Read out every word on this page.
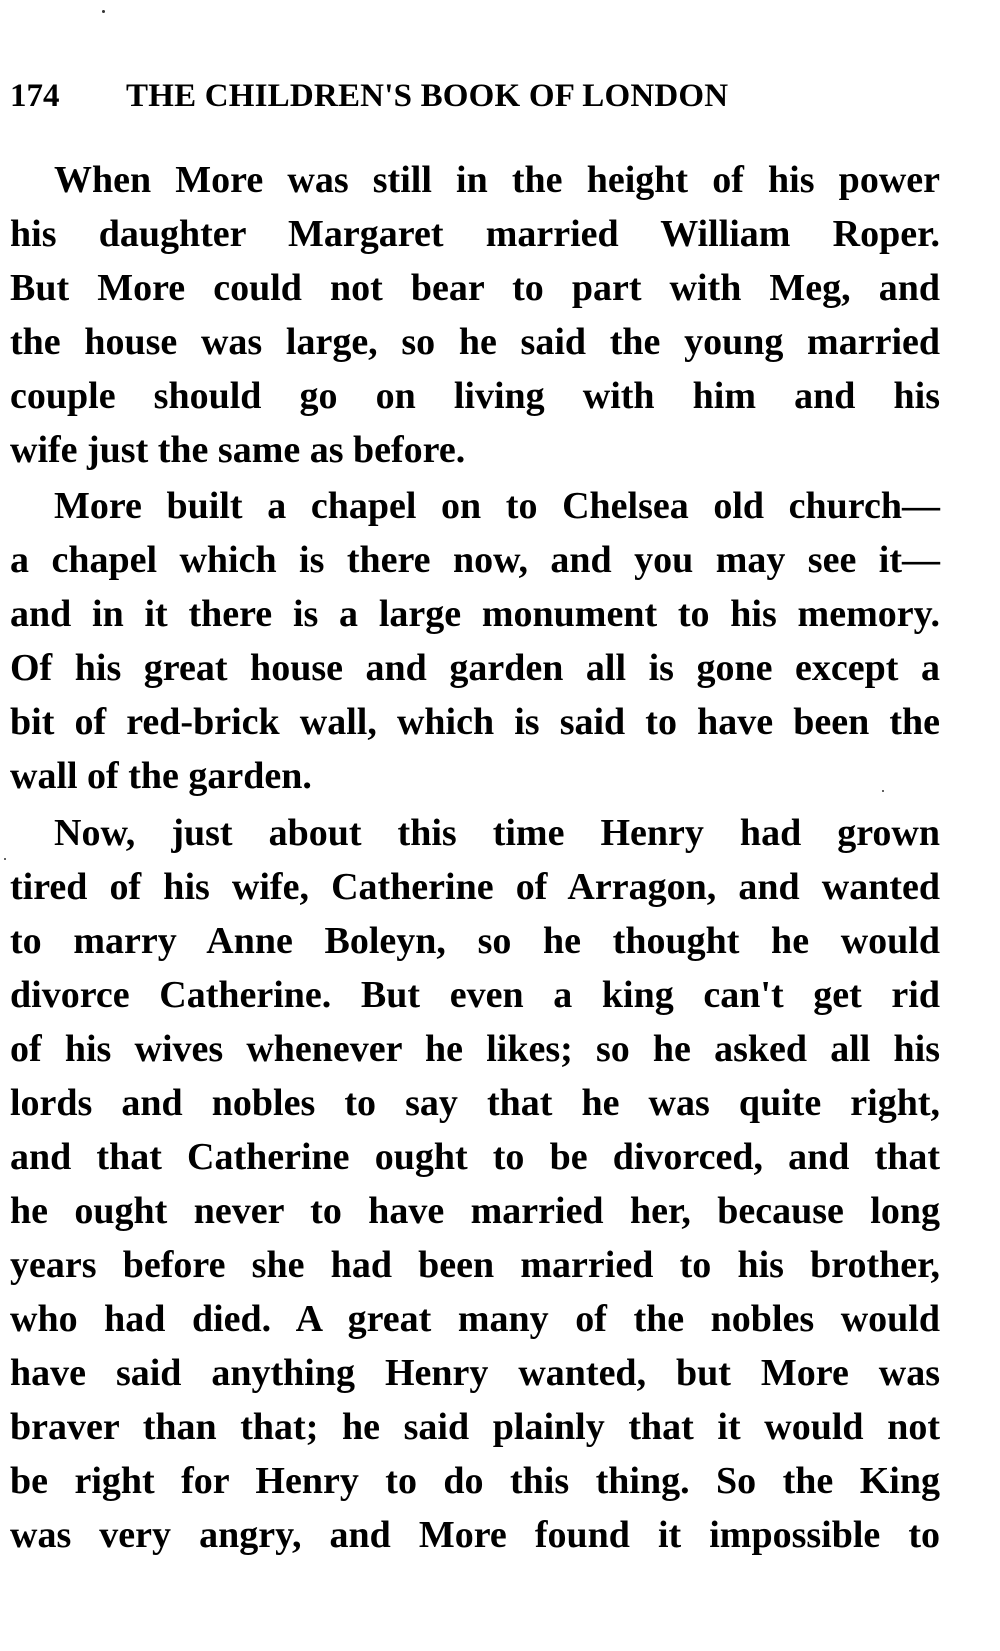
174 THE CHILDREN'S BOOK OF LONDON
When More was still in the height of his power
his daughter Margaret married William Roper.
But More could not bear to part with Meg, and
the house was large, so he said the young married
couple should go on living with him and his
wife just the same as before.
More built a chapel on to Chelsea old church—
a chapel which is there now, and you may see it—
and in it there is a large monument to his memory.
Of his great house and garden all is gone except a
bit of red-brick wall, which is said to have been the
wall of the garden.
Now, just about this time Henry had grown
tired of his wife, Catherine of Arragon, and wanted
to marry Anne Boleyn, so he thought he would
divorce Catherine. But even a king can't get rid
of his wives whenever he likes; so he asked all his
lords and nobles to say that he was quite right,
and that Catherine ought to be divorced, and that
he ought never to have married her, because long
years before she had been married to his brother,
who had died. A great many of the nobles would
have said anything Henry wanted, but More was
braver than that; he said plainly that it would not
be right for Henry to do this thing. So the King
was very angry, and More found it impossible to
